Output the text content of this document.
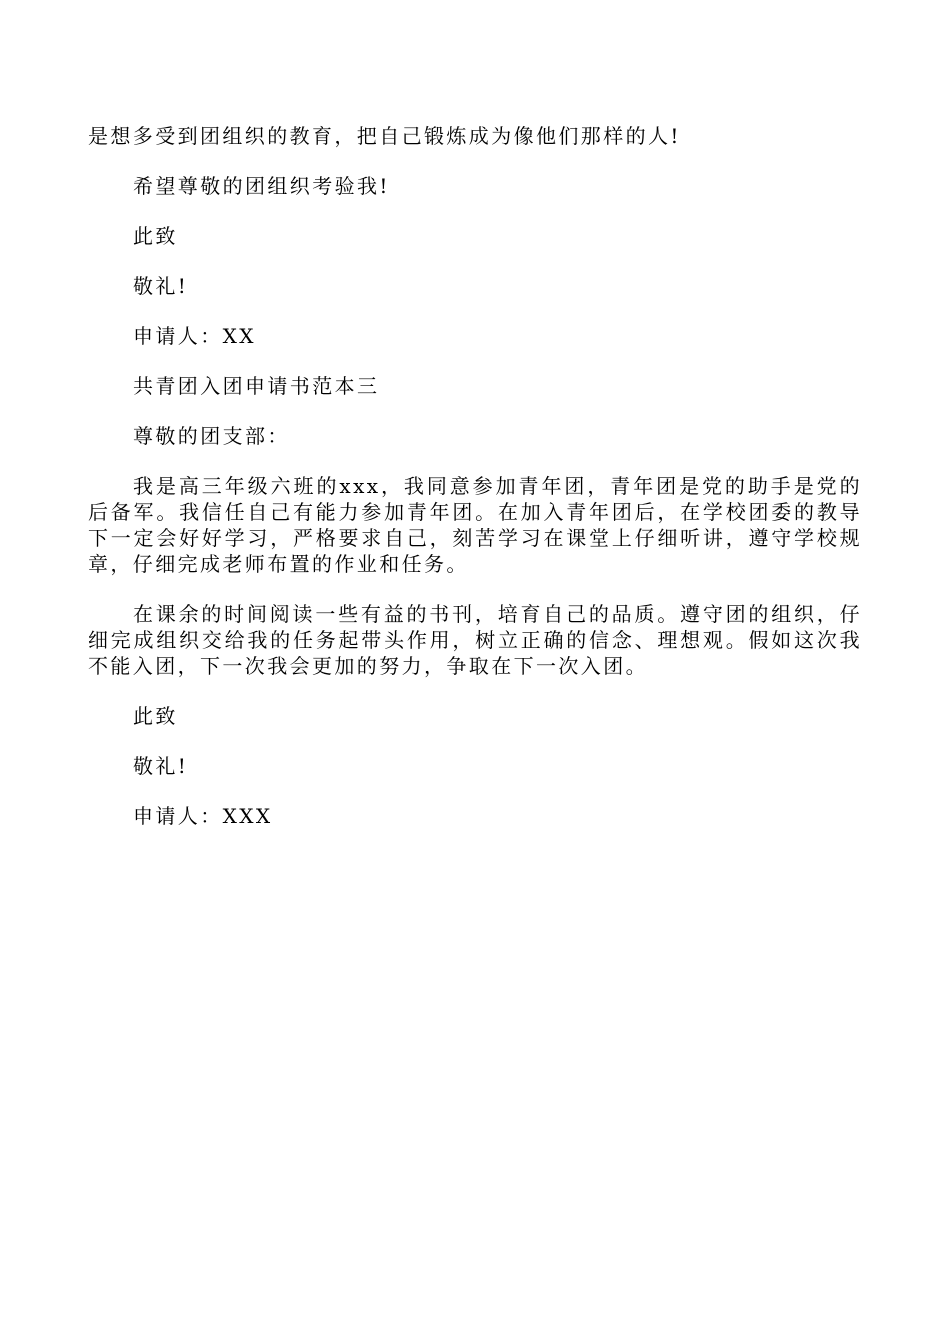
是想多受到团组织的教育，把自己锻炼成为像他们那样的人!

希望尊敬的团组织考验我!

此致

敬礼!

申请人：XX

共青团入团申请书范本三

尊敬的团支部：

我是高三年级六班的xxx，我同意参加青年团，青年团是党的助手是党的后备军。我信任自己有能力参加青年团。在加入青年团后，在学校团委的教导下一定会好好学习，严格要求自己，刻苦学习在课堂上仔细听讲，遵守学校规章，仔细完成老师布置的作业和任务。

在课余的时间阅读一些有益的书刊，培育自己的品质。遵守团的组织，仔细完成组织交给我的任务起带头作用，树立正确的信念、理想观。假如这次我不能入团，下一次我会更加的努力，争取在下一次入团。

此致

敬礼!

申请人：XXX
